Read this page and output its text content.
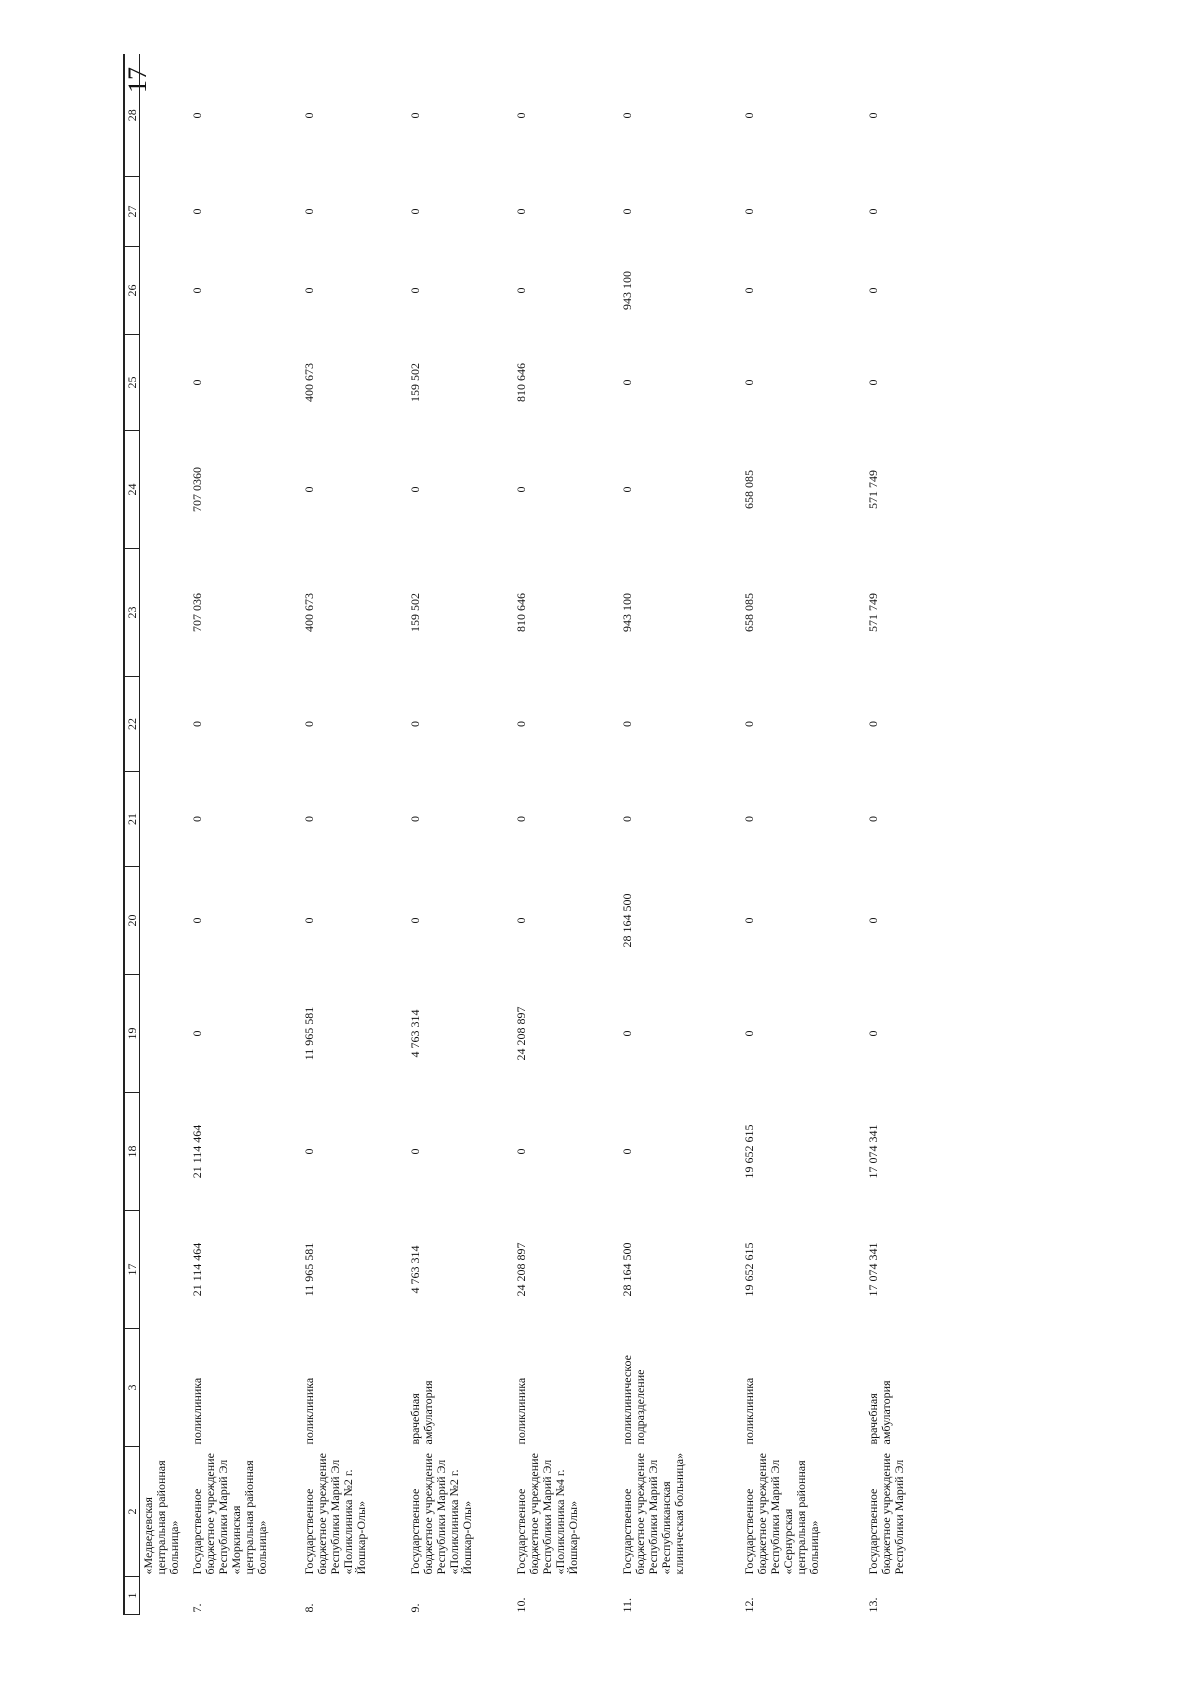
17
1	2	3	17	18	19	20	21	22	23	24	25	26	27	28
	«Медведевская центральная районная больница»													
7.	Государственное бюджетное учреждение Республики Марий Эл «Моркинская центральная районная больница»	поликлиника	21 114 464	21 114 464	0	0	0	0	707 036	707 0360	0	0	0	0
8.	Государственное бюджетное учреждение Республики Марий Эл «Поликлиника №2 г. Йошкар-Олы»	поликлиника	11 965 581	0	11 965 581	0	0	0	400 673	0	400 673	0	0	0
9.	Государственное бюджетное учреждение Республики Марий Эл «Поликлиника №2 г. Йошкар-Олы»	врачебная амбулатория	4 763 314	0	4 763 314	0	0	0	159 502	0	159 502	0	0	0
10.	Государственное бюджетное учреждение Республики Марий Эл «Поликлиника №4 г. Йошкар-Олы»	поликлиника	24 208 897	0	24 208 897	0	0	0	810 646	0	810 646	0	0	0
11.	Государственное бюджетное учреждение Республики Марий Эл «Республиканская клиническая больница»	поликлиническое подразделение	28 164 500	0	0	28 164 500	0	0	943 100	0	0	943 100	0	0
12.	Государственное бюджетное учреждение Республики Марий Эл «Сернурская центральная районная больница»	поликлиника	19 652 615	19 652 615	0	0	0	0	658 085	658 085	0	0	0	0
13.	Государственное бюджетное учреждение Республики Марий Эл	врачебная амбулатория	17 074 341	17 074 341	0	0	0	0	571 749	571 749	0	0	0	0
